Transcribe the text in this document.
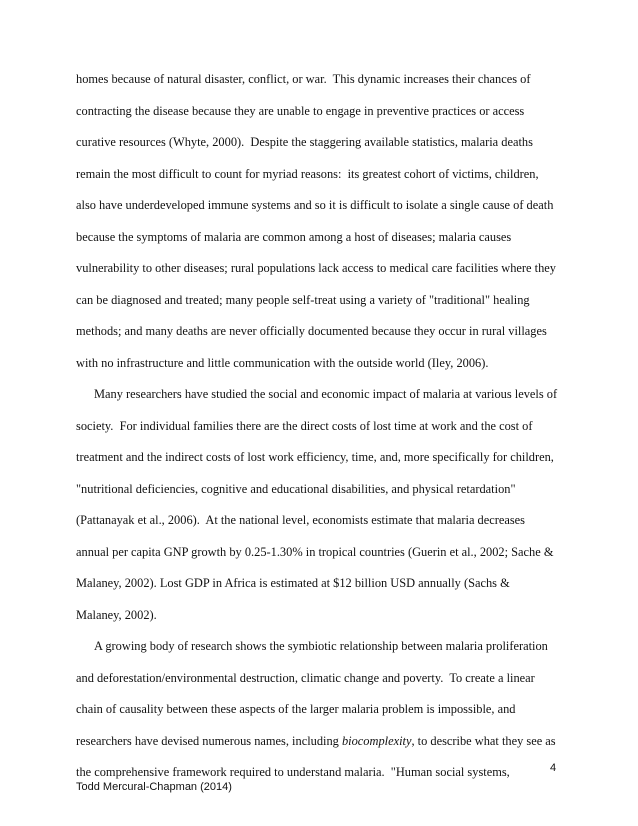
homes because of natural disaster, conflict, or war.  This dynamic increases their chances of

contracting the disease because they are unable to engage in preventive practices or access

curative resources (Whyte, 2000).  Despite the staggering available statistics, malaria deaths

remain the most difficult to count for myriad reasons:  its greatest cohort of victims, children,

also have underdeveloped immune systems and so it is difficult to isolate a single cause of death

because the symptoms of malaria are common among a host of diseases; malaria causes

vulnerability to other diseases; rural populations lack access to medical care facilities where they

can be diagnosed and treated; many people self-treat using a variety of "traditional" healing

methods; and many deaths are never officially documented because they occur in rural villages

with no infrastructure and little communication with the outside world (Iley, 2006).

Many researchers have studied the social and economic impact of malaria at various levels of

society.  For individual families there are the direct costs of lost time at work and the cost of

treatment and the indirect costs of lost work efficiency, time, and, more specifically for children,

"nutritional deficiencies, cognitive and educational disabilities, and physical retardation"

(Pattanayak et al., 2006).  At the national level, economists estimate that malaria decreases

annual per capita GNP growth by 0.25-1.30% in tropical countries (Guerin et al., 2002; Sache &

Malaney, 2002). Lost GDP in Africa is estimated at $12 billion USD annually (Sachs &

Malaney, 2002).

A growing body of research shows the symbiotic relationship between malaria proliferation

and deforestation/environmental destruction, climatic change and poverty.  To create a linear

chain of causality between these aspects of the larger malaria problem is impossible, and

researchers have devised numerous names, including biocomplexity, to describe what they see as

the comprehensive framework required to understand malaria.  "Human social systems,	4
Todd Mercural-Chapman (2014)
